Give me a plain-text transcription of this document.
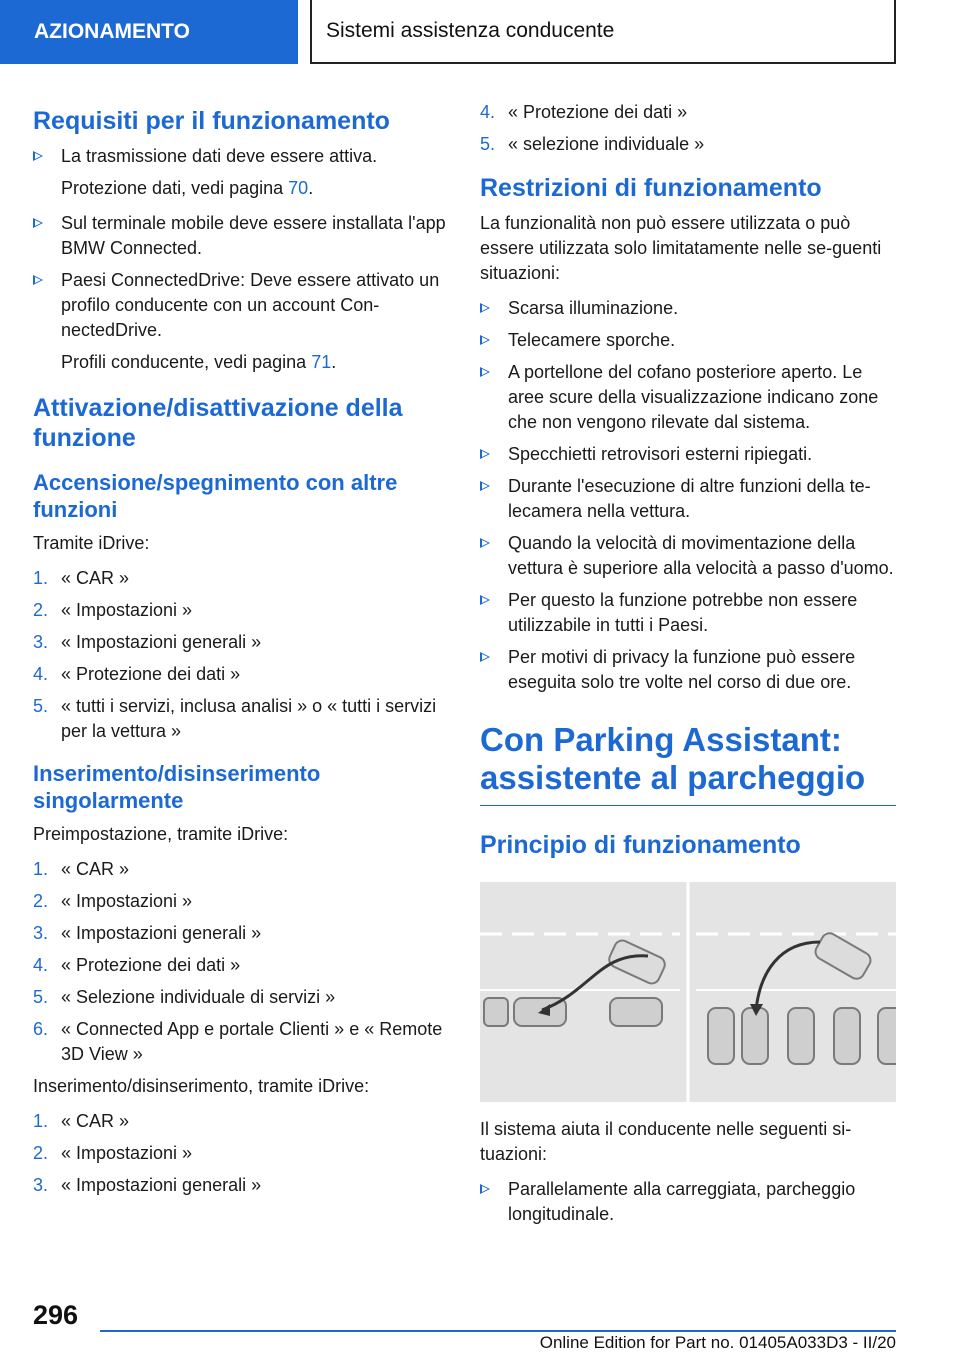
AZIONAMENTO	Sistemi assistenza conducente
Requisiti per il funzionamento
La trasmissione dati deve essere attiva.

Protezione dati, vedi pagina 70.

Sul terminale mobile deve essere installata l'app BMW Connected.
Paesi ConnectedDrive: Deve essere attivato un profilo conducente con un account Con-nectedDrive.

Profili conducente, vedi pagina 71.

Attivazione/disattivazione della funzione
Accensione/spegnimento con altre funzioni

Tramite iDrive:

1. « CAR »
2. « Impostazioni »
3. « Impostazioni generali »
4. « Protezione dei dati »
5. « tutti i servizi, inclusa analisi » o « tutti i servizi per la vettura »
Inserimento/disinserimento singolarmente

Preimpostazione, tramite iDrive:

1. « CAR »
2. « Impostazioni »
3. « Impostazioni generali »
4. « Protezione dei dati »
5. « Selezione individuale di servizi »
6. « Connected App e portale Clienti » e « Remote 3D View »

Inserimento/disinserimento, tramite iDrive:

1. « CAR »
2. « Impostazioni »
3. « Impostazioni generali »
4. « Protezione dei dati »
5. « selezione individuale »
Restrizioni di funzionamento

La funzionalità non può essere utilizzata o può essere utilizzata solo limitatamente nelle se-guenti situazioni:

Scarsa illuminazione.
Telecamere sporche.
A portellone del cofano posteriore aperto. Le aree scure della visualizzazione indicano zone che non vengono rilevate dal sistema.
Specchietti retrovisori esterni ripiegati.
Durante l'esecuzione di altre funzioni della te-lecamera nella vettura.
Quando la velocità di movimentazione della vettura è superiore alla velocità a passo d'uomo.
Per questo la funzione potrebbe non essere utilizzabile in tutti i Paesi.
Per motivi di privacy la funzione può essere eseguita solo tre volte nel corso di due ore.
Con Parking Assistant: assistente al parcheggio
Principio di funzionamento

Il sistema aiuta il conducente nelle seguenti si-tuazioni:

Parallelamente alla carreggiata, parcheggio longitudinale.
296
Online Edition for Part no. 01405A033D3 - II/20
